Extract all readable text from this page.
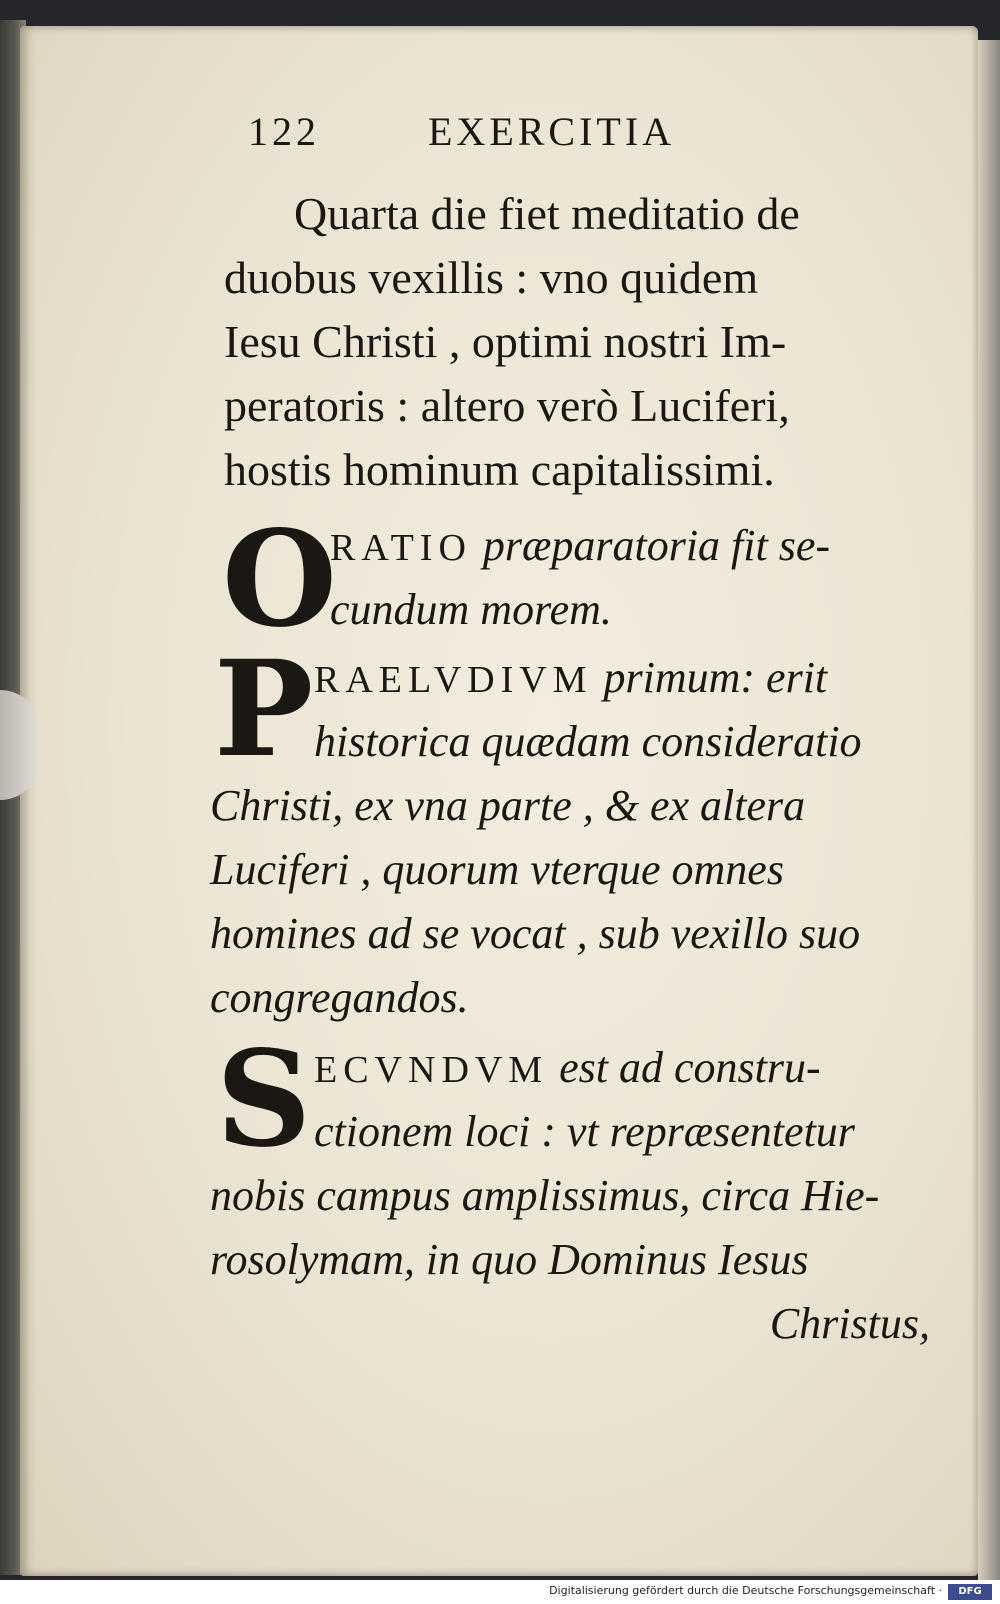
122	EXERCITIA
Quarta die fiet meditatio de
duobus vexillis : vno quidem
Iesu Christi , optimi nostri Im-
peratoris : altero verò Luciferi,
hostis hominum capitalissimi.
O
RATIO præparatoria fit se-
cundum morem.
P RAELVDIVM primum: erit
historica quædam consideratio
Christi, ex vna parte , & ex altera
Luciferi , quorum vterque omnes
homines ad se vocat , sub vexillo suo
congregandos.
S ECVNDVM est ad constru-
ctionem loci : vt repræsentetur
nobis campus amplissimus, circa Hie-
rosolymam, in quo Dominus Iesus
Christus,
Digitalisierung gefördert durch die Deutsche Forschungsgemeinschaft ·	DFG
